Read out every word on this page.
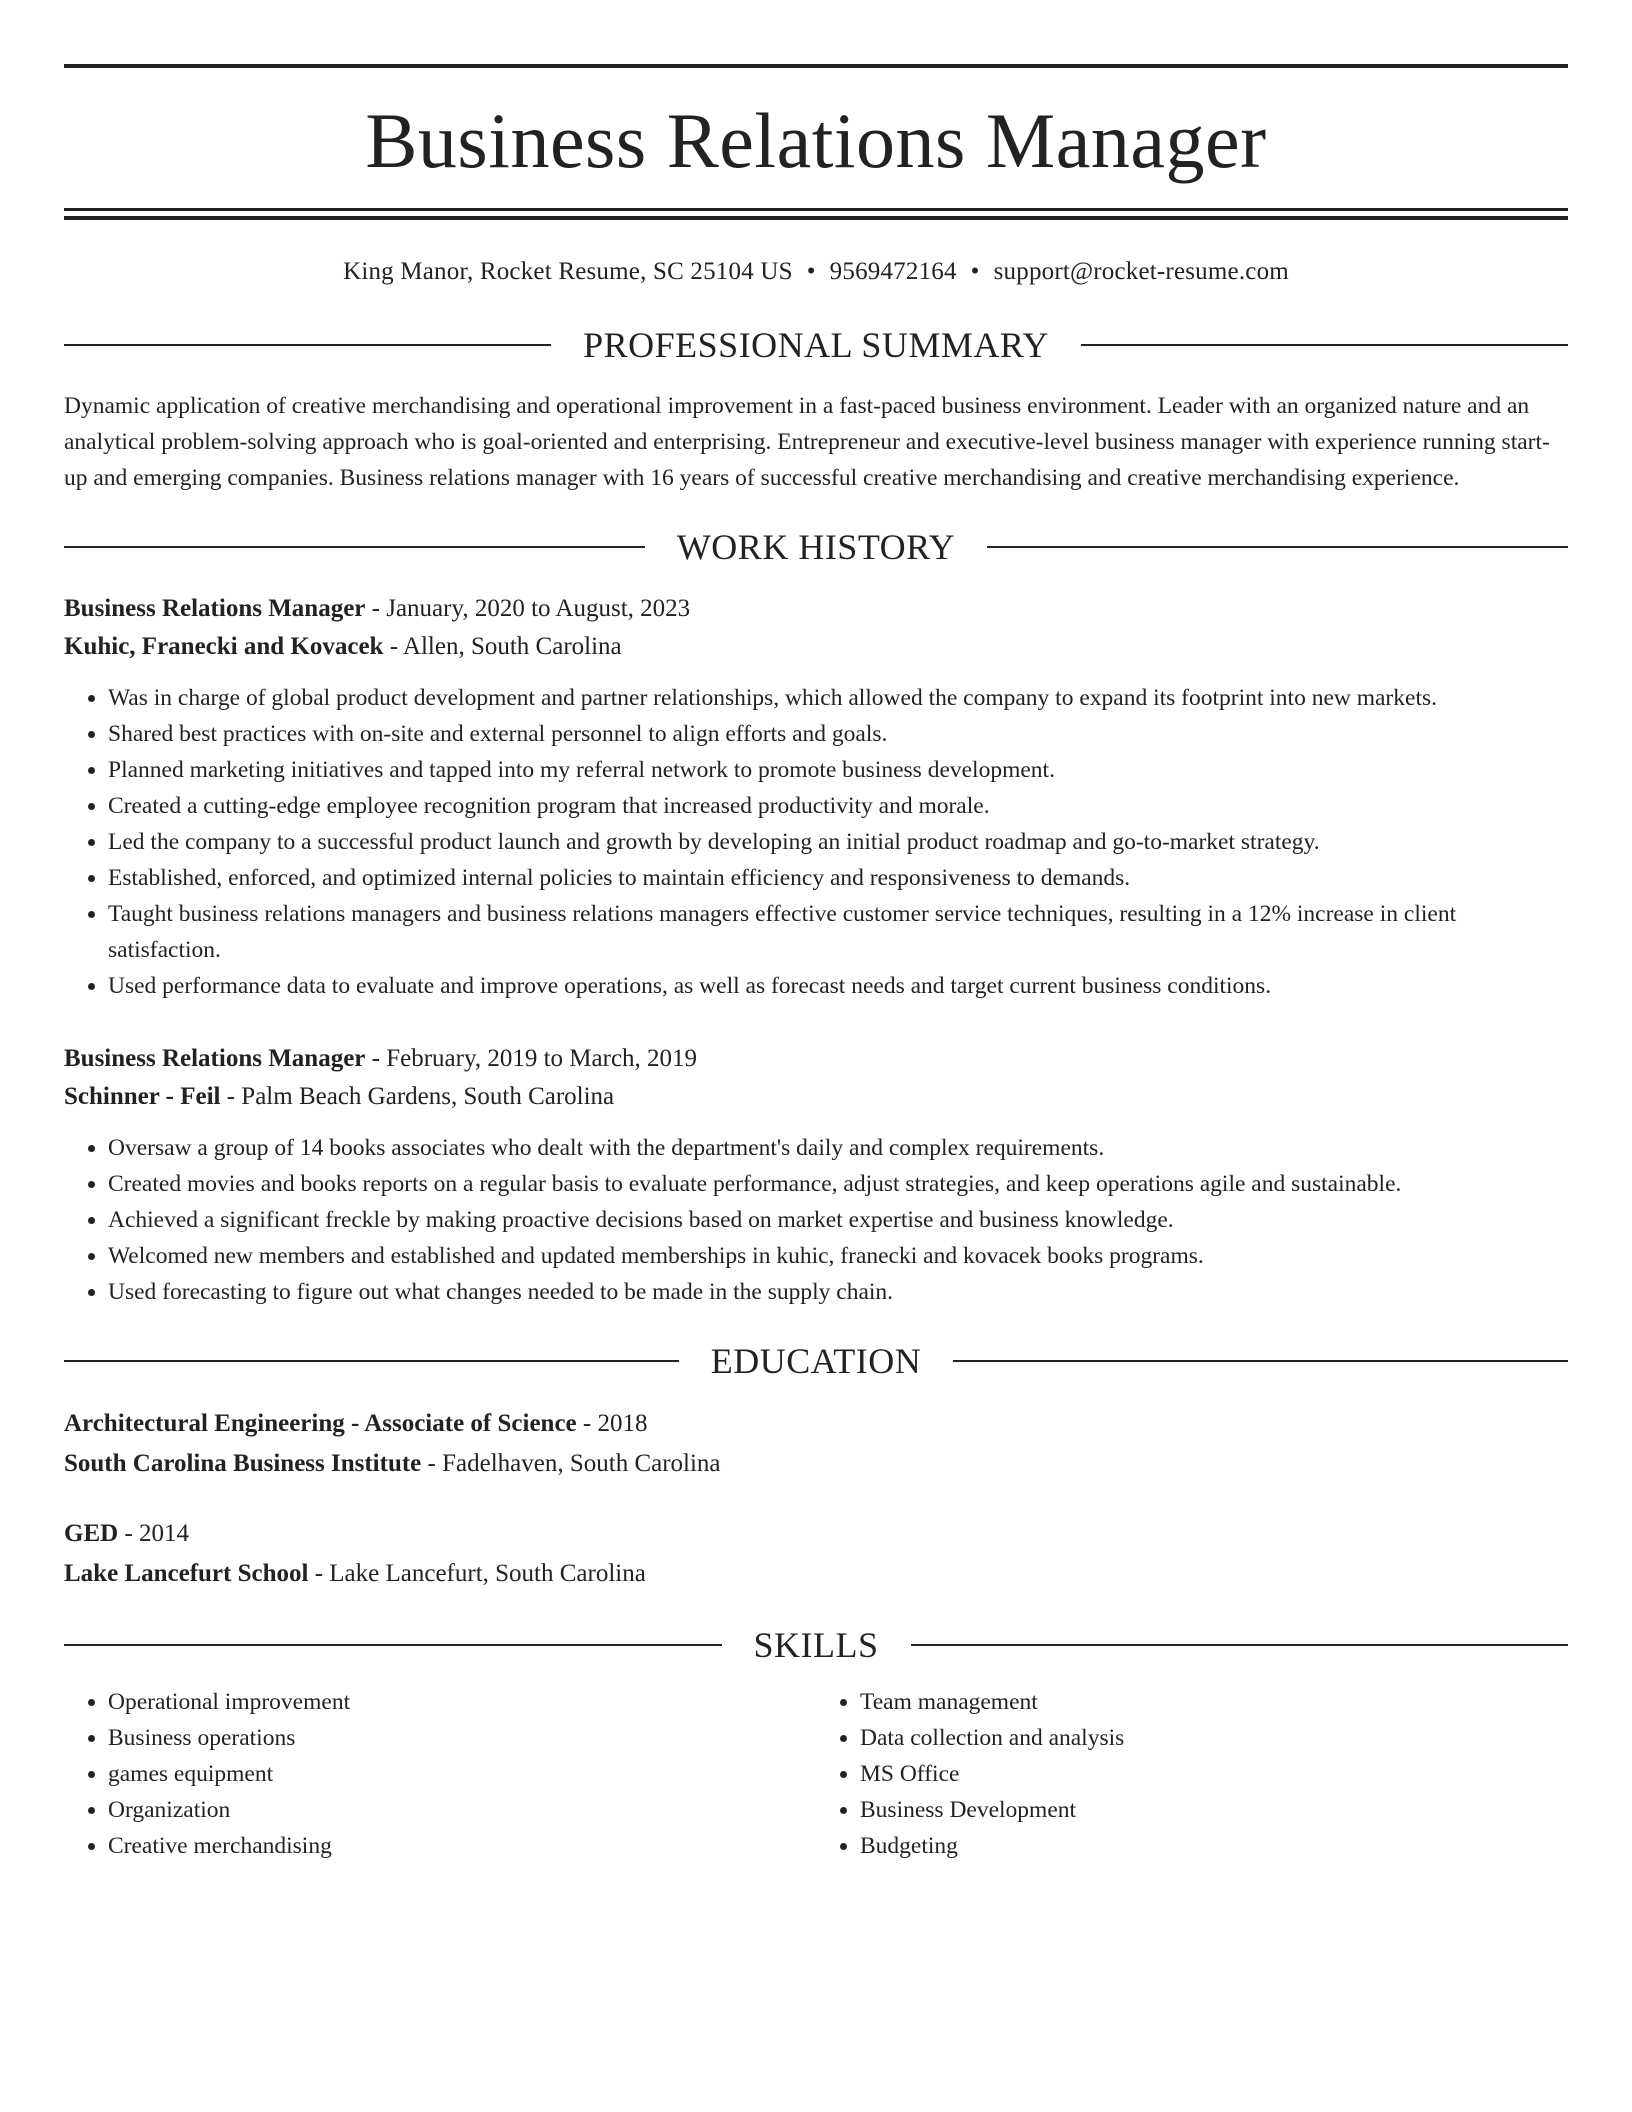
Business Relations Manager
King Manor, Rocket Resume, SC 25104 US • 9569472164 • support@rocket-resume.com
PROFESSIONAL SUMMARY

Dynamic application of creative merchandising and operational improvement in a fast-paced business environment. Leader with an organized nature and an analytical problem-solving approach who is goal-oriented and enterprising. Entrepreneur and executive-level business manager with experience running start-up and emerging companies. Business relations manager with 16 years of successful creative merchandising and creative merchandising experience.

WORK HISTORY
Business Relations Manager - January, 2020 to August, 2023
Kuhic, Franecki and Kovacek - Allen, South Carolina
• Was in charge of global product development and partner relationships, which allowed the company to expand its footprint into new markets.
• Shared best practices with on-site and external personnel to align efforts and goals.
• Planned marketing initiatives and tapped into my referral network to promote business development.
• Created a cutting-edge employee recognition program that increased productivity and morale.
• Led the company to a successful product launch and growth by developing an initial product roadmap and go-to-market strategy.
• Established, enforced, and optimized internal policies to maintain efficiency and responsiveness to demands.
• Taught business relations managers and business relations managers effective customer service techniques, resulting in a 12% increase in client satisfaction.
• Used performance data to evaluate and improve operations, as well as forecast needs and target current business conditions.
Business Relations Manager - February, 2019 to March, 2019
Schinner - Feil - Palm Beach Gardens, South Carolina
• Oversaw a group of 14 books associates who dealt with the department's daily and complex requirements.
• Created movies and books reports on a regular basis to evaluate performance, adjust strategies, and keep operations agile and sustainable.
• Achieved a significant freckle by making proactive decisions based on market expertise and business knowledge.
• Welcomed new members and established and updated memberships in kuhic, franecki and kovacek books programs.
• Used forecasting to figure out what changes needed to be made in the supply chain.
EDUCATION
Architectural Engineering - Associate of Science - 2018
South Carolina Business Institute - Fadelhaven, South Carolina
GED - 2014
Lake Lancefurt School - Lake Lancefurt, South Carolina
SKILLS
• Operational improvement
• Business operations
• games equipment
• Organization
• Creative merchandising
• Team management
• Data collection and analysis
• MS Office
• Business Development
• Budgeting
